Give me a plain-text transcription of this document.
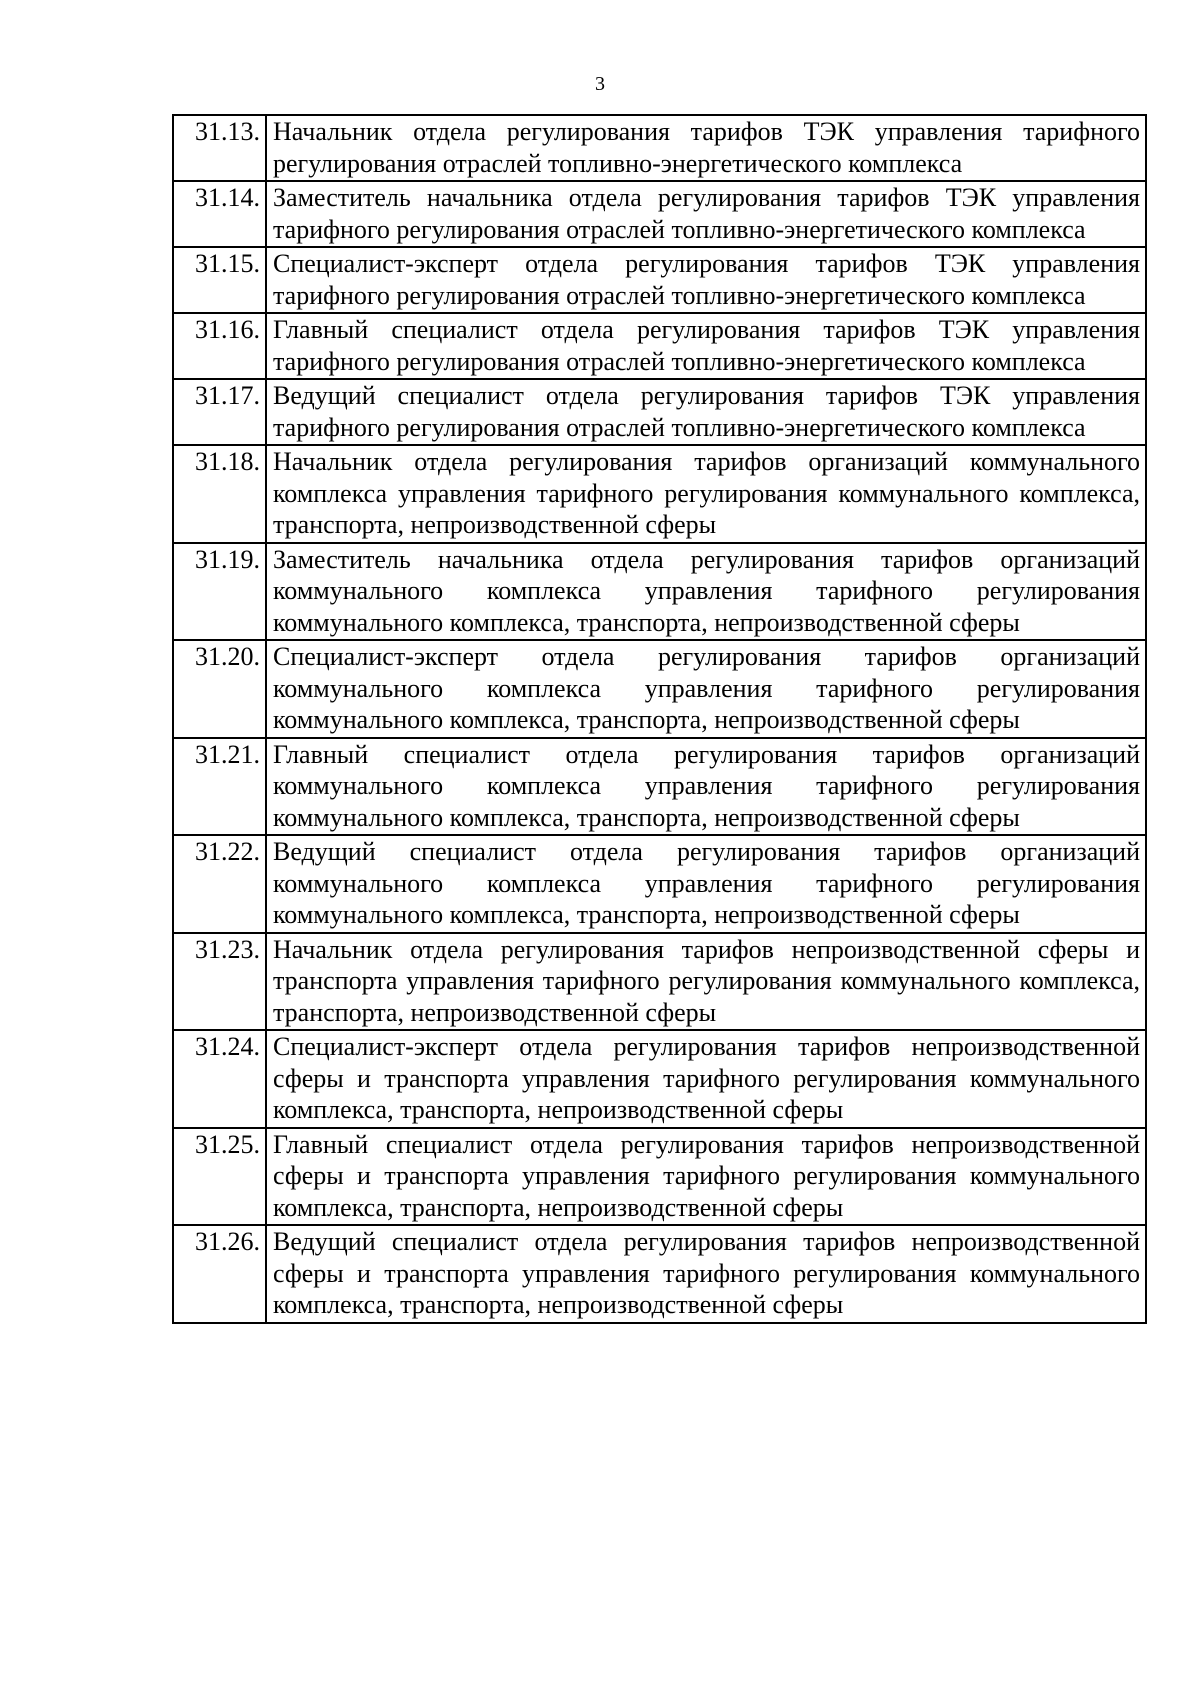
3
31.13.	Начальник отдела регулирования тарифов ТЭК управления тарифного регулирования отраслей топливно-энергетического комплекса
31.14.	Заместитель начальника отдела регулирования тарифов ТЭК управления тарифного регулирования отраслей топливно-энергетического комплекса
31.15.	Специалист-эксперт отдела регулирования тарифов ТЭК управления тарифного регулирования отраслей топливно-энергетического комплекса
31.16.	Главный специалист отдела регулирования тарифов ТЭК управления тарифного регулирования отраслей топливно-энергетического комплекса
31.17.	Ведущий специалист отдела регулирования тарифов ТЭК управления тарифного регулирования отраслей топливно-энергетического комплекса
31.18.	Начальник отдела регулирования тарифов организаций коммунального комплекса управления тарифного регулирования коммунального комплекса, транспорта, непроизводственной сферы
31.19.	Заместитель начальника отдела регулирования тарифов организаций коммунального комплекса управления тарифного регулирования коммунального комплекса, транспорта, непроизводственной сферы
31.20.	Специалист-эксперт отдела регулирования тарифов организаций коммунального комплекса управления тарифного регулирования коммунального комплекса, транспорта, непроизводственной сферы
31.21.	Главный специалист отдела регулирования тарифов организаций коммунального комплекса управления тарифного регулирования коммунального комплекса, транспорта, непроизводственной сферы
31.22.	Ведущий специалист отдела регулирования тарифов организаций коммунального комплекса управления тарифного регулирования коммунального комплекса, транспорта, непроизводственной сферы
31.23.	Начальник отдела регулирования тарифов непроизводственной сферы и транспорта управления тарифного регулирования коммунального комплекса, транспорта, непроизводственной сферы
31.24.	Специалист-эксперт отдела регулирования тарифов непроизводственной сферы и транспорта управления тарифного регулирования коммунального комплекса, транспорта, непроизводственной сферы
31.25.	Главный специалист отдела регулирования тарифов непроизводственной сферы и транспорта управления тарифного регулирования коммунального комплекса, транспорта, непроизводственной сферы
31.26.	Ведущий специалист отдела регулирования тарифов непроизводственной сферы и транспорта управления тарифного регулирования коммунального комплекса, транспорта, непроизводственной сферы
